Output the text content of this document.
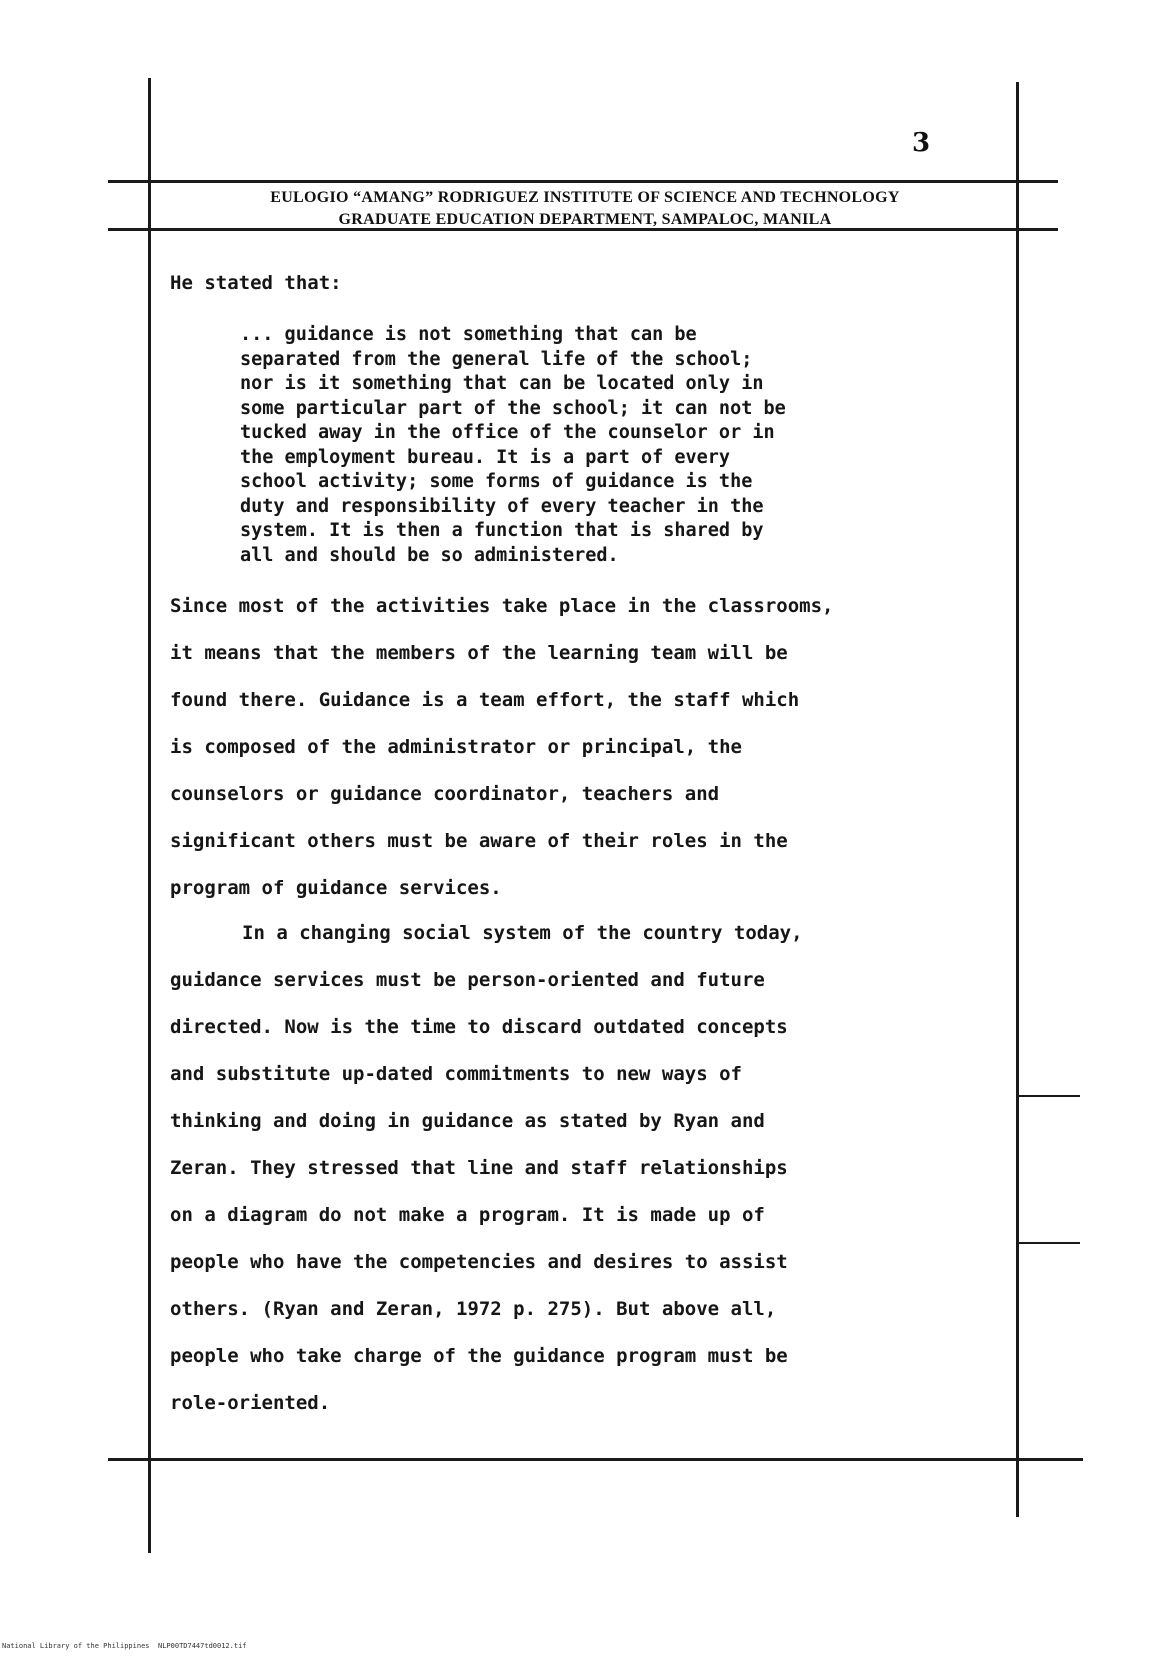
3
EULOGIO “AMANG” RODRIGUEZ INSTITUTE OF SCIENCE AND TECHNOLOGY
GRADUATE EDUCATION DEPARTMENT, SAMPALOC, MANILA
He stated that:
... guidance is not something that can be
separated from the general life of the school;
nor is it something that can be located only in
some particular part of the school; it can not be
tucked away in the office of the counselor or in
the employment bureau. It is a part of every
school activity; some forms of guidance is the
duty and responsibility of every teacher in the
system. It is then a function that is shared by
all and should be so administered.
Since most of the activities take place in the classrooms,
it means that the members of the learning team will be
found there. Guidance is a team effort, the staff which
is composed of the administrator or principal, the
counselors or guidance coordinator, teachers and
significant others must be aware of their roles in the
program of guidance services.
In a changing social system of the country today,
guidance services must be person-oriented and future
directed. Now is the time to discard outdated concepts
and substitute up-dated commitments to new ways of
thinking and doing in guidance as stated by Ryan and
Zeran. They stressed that line and staff relationships
on a diagram do not make a program. It is made up of
people who have the competencies and desires to assist
others. (Ryan and Zeran, 1972 p. 275). But above all,
people who take charge of the guidance program must be
role-oriented.
National Library of the Philippines NLP00TD7447td0012.tif
